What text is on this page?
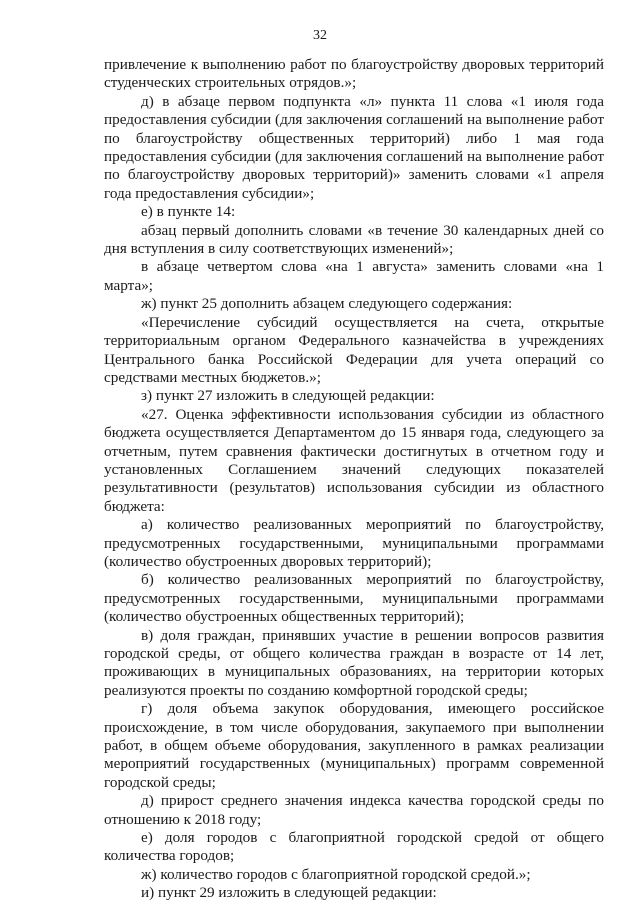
32

привлечение к выполнению работ по благоустройству дворовых территорий студенческих строительных отрядов.»;

д) в абзаце первом подпункта «л» пункта 11 слова «1 июля года предоставления субсидии (для заключения соглашений на выполнение работ по благоустройству общественных территорий) либо 1 мая года предоставления субсидии (для заключения соглашений на выполнение работ по благоустройству дворовых территорий)» заменить словами «1 апреля года предоставления субсидии»;

е) в пункте 14:

абзац первый дополнить словами «в течение 30 календарных дней со дня вступления в силу соответствующих изменений»;

в абзаце четвертом слова «на 1 августа» заменить словами «на 1 марта»;

ж) пункт 25 дополнить абзацем следующего содержания:

«Перечисление субсидий осуществляется на счета, открытые территориальным органом Федерального казначейства в учреждениях Центрального банка Российской Федерации для учета операций со средствами местных бюджетов.»;

з) пункт 27 изложить в следующей редакции:

«27. Оценка эффективности использования субсидии из областного бюджета осуществляется Департаментом до 15 января года, следующего за отчетным, путем сравнения фактически достигнутых в отчетном году и установленных Соглашением значений следующих показателей результативности (результатов) использования субсидии из областного бюджета:

а) количество реализованных мероприятий по благоустройству, предусмотренных государственными, муниципальными программами (количество обустроенных дворовых территорий);

б) количество реализованных мероприятий по благоустройству, предусмотренных государственными, муниципальными программами (количество обустроенных общественных территорий);

в) доля граждан, принявших участие в решении вопросов развития городской среды, от общего количества граждан в возрасте от 14 лет, проживающих в муниципальных образованиях, на территории которых реализуются проекты по созданию комфортной городской среды;

г) доля объема закупок оборудования, имеющего российское происхождение, в том числе оборудования, закупаемого при выполнении работ, в общем объеме оборудования, закупленного в рамках реализации мероприятий государственных (муниципальных) программ современной городской среды;

д) прирост среднего значения индекса качества городской среды по отношению к 2018 году;

е) доля городов с благоприятной городской средой от общего количества городов;

ж) количество городов с благоприятной городской средой.»;

и) пункт 29 изложить в следующей редакции:
